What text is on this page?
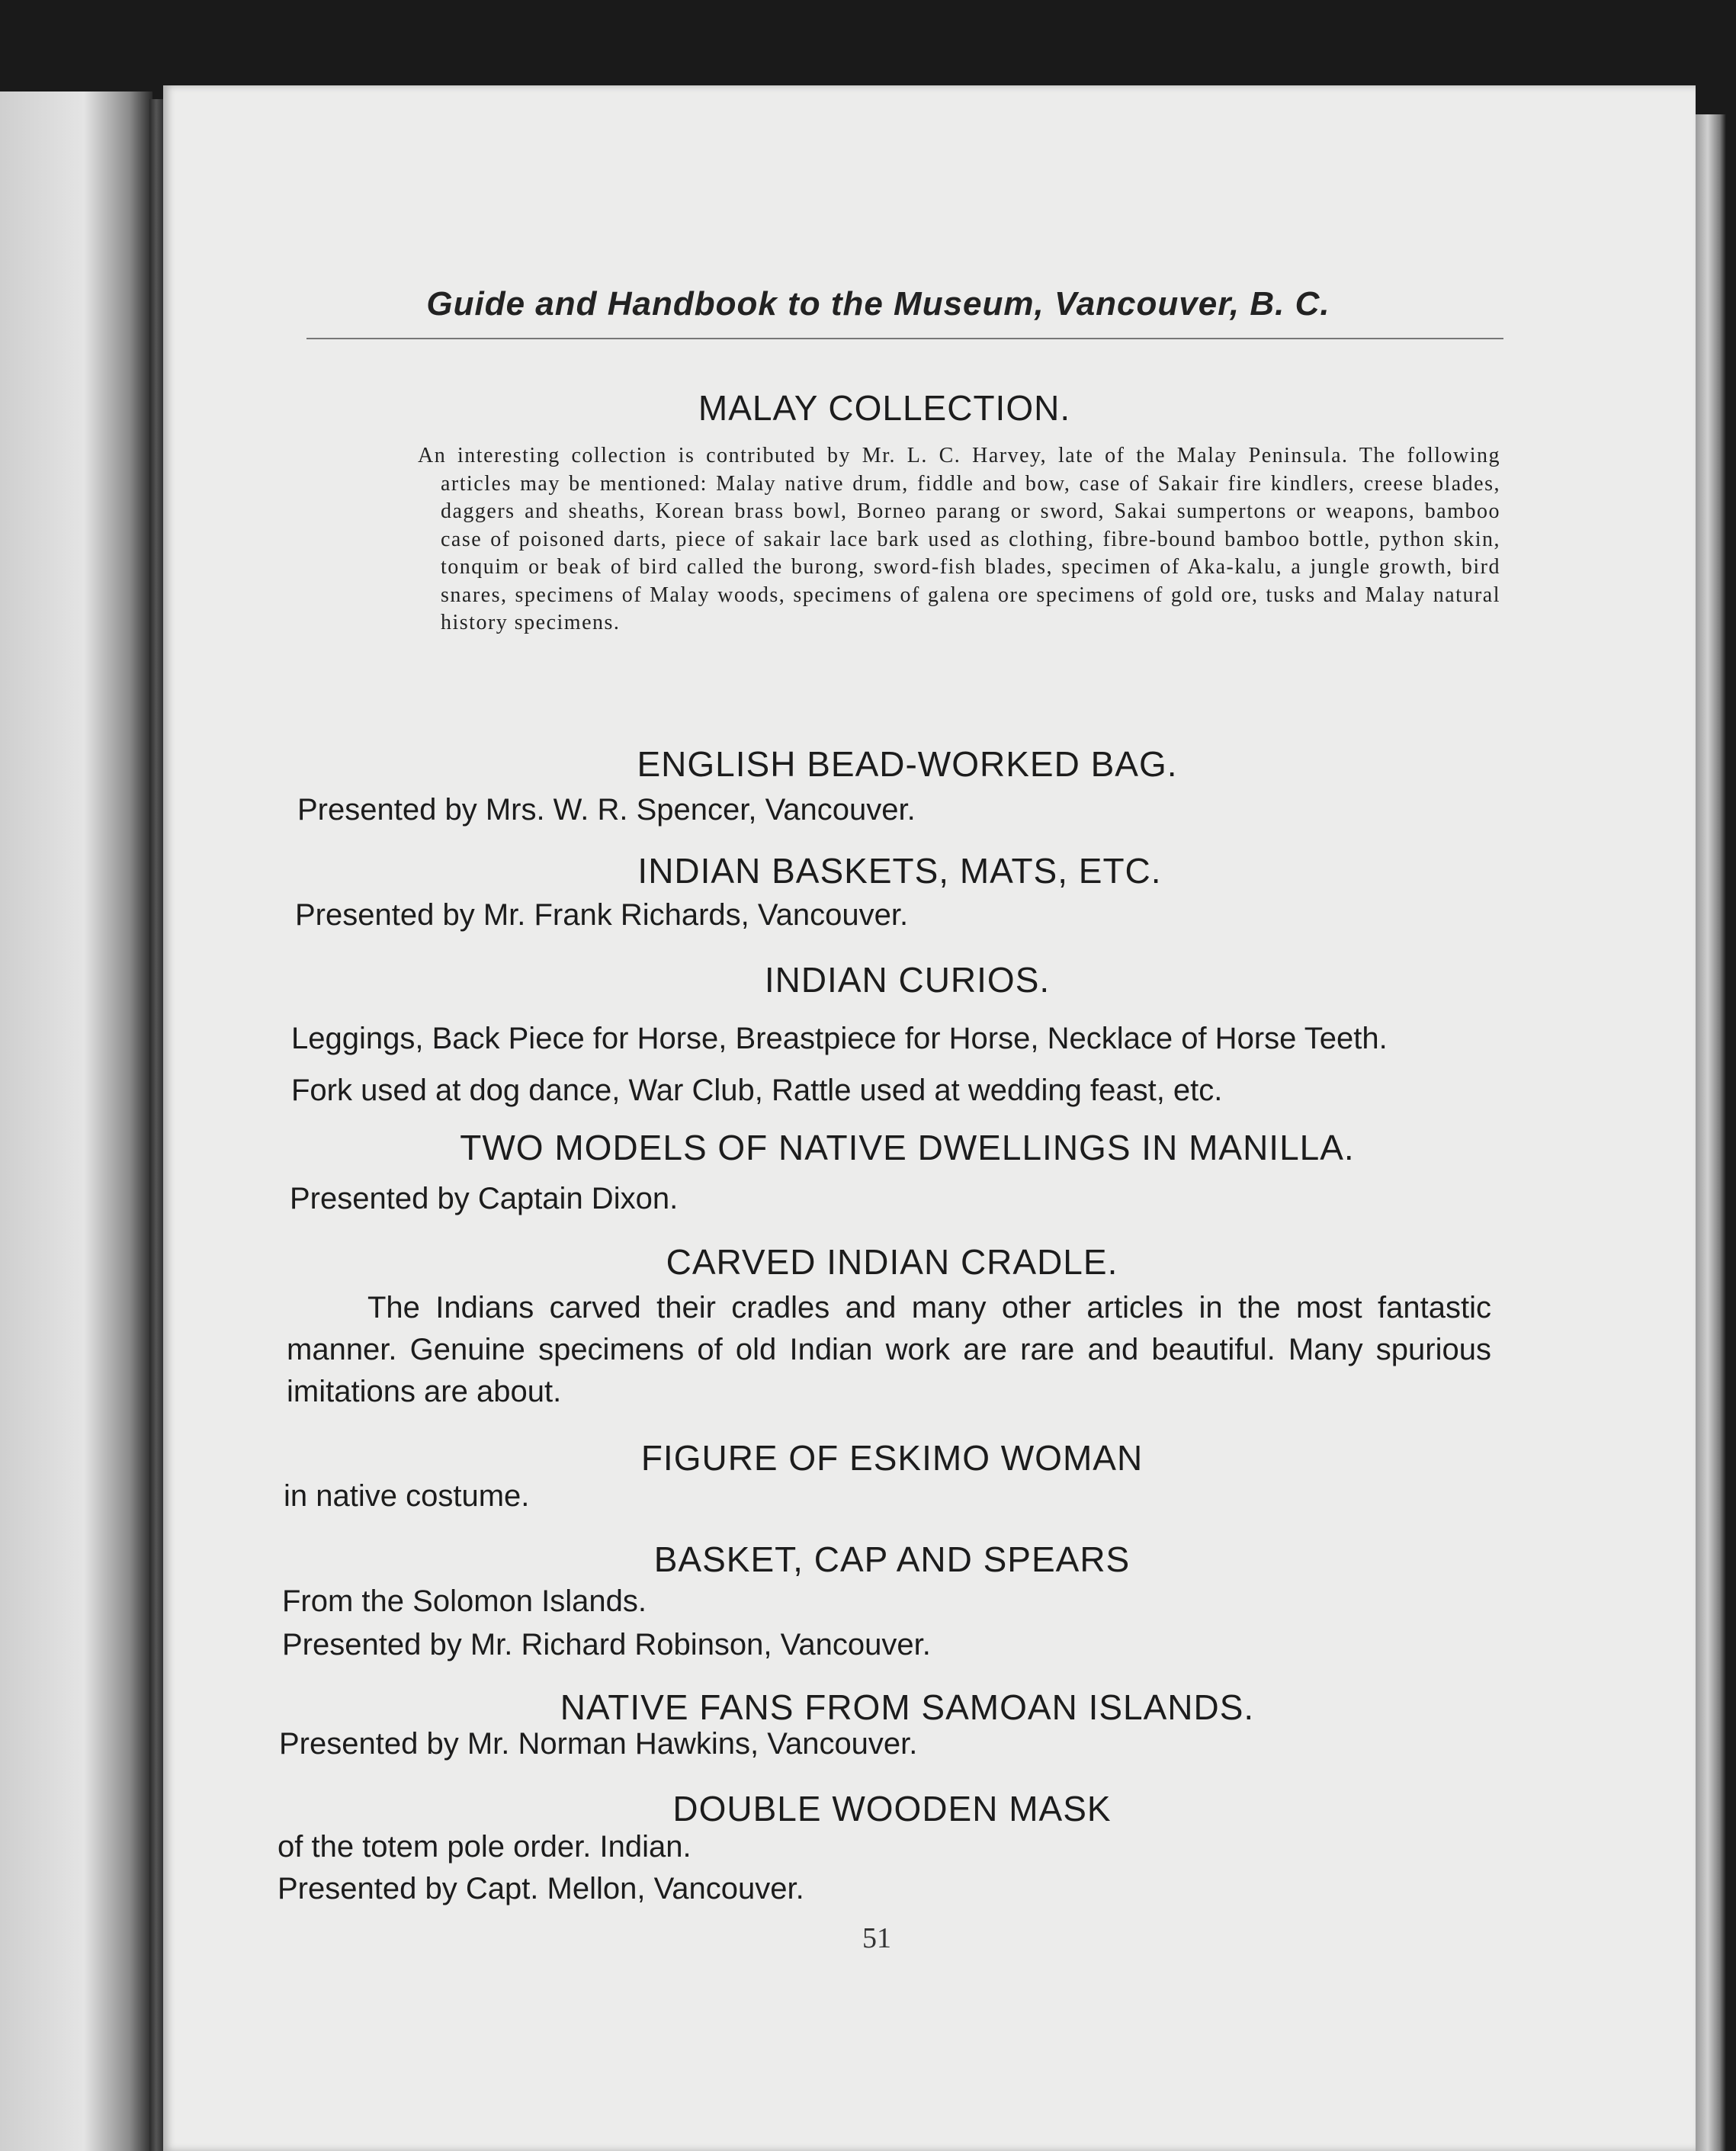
Guide and Handbook to the Museum, Vancouver, B. C.
MALAY COLLECTION.
An interesting collection is contributed by Mr. L. C. Harvey, late of the Malay Peninsula. The following articles may be mentioned: Malay native drum, fiddle and bow, case of Sakair fire kindlers, creese blades, daggers and sheaths, Korean brass bowl, Borneo parang or sword, Sakai sumpertons or weapons, bamboo case of poisoned darts, piece of sakair lace bark used as clothing, fibre-bound bamboo bottle, python skin, tonquim or beak of bird called the burong, sword-fish blades, specimen of Aka-kalu, a jungle growth, bird snares, specimens of Malay woods, specimens of galena ore specimens of gold ore, tusks and Malay natural history specimens.
ENGLISH BEAD-WORKED BAG.
Presented by Mrs. W. R. Spencer, Vancouver.
INDIAN BASKETS, MATS, ETC.
Presented by Mr. Frank Richards, Vancouver.
INDIAN CURIOS.
Leggings, Back Piece for Horse, Breastpiece for Horse, Necklace of Horse Teeth.
Fork used at dog dance, War Club, Rattle used at wedding feast, etc.
TWO MODELS OF NATIVE DWELLINGS IN MANILLA.
Presented by Captain Dixon.
CARVED INDIAN CRADLE.
The Indians carved their cradles and many other articles in the most fantastic manner. Genuine specimens of old Indian work are rare and beautiful. Many spurious imitations are about.
FIGURE OF ESKIMO WOMAN
in native costume.
BASKET, CAP AND SPEARS
From the Solomon Islands.
Presented by Mr. Richard Robinson, Vancouver.
NATIVE FANS FROM SAMOAN ISLANDS.
Presented by Mr. Norman Hawkins, Vancouver.
DOUBLE WOODEN MASK
of the totem pole order. Indian.
Presented by Capt. Mellon, Vancouver.
51
